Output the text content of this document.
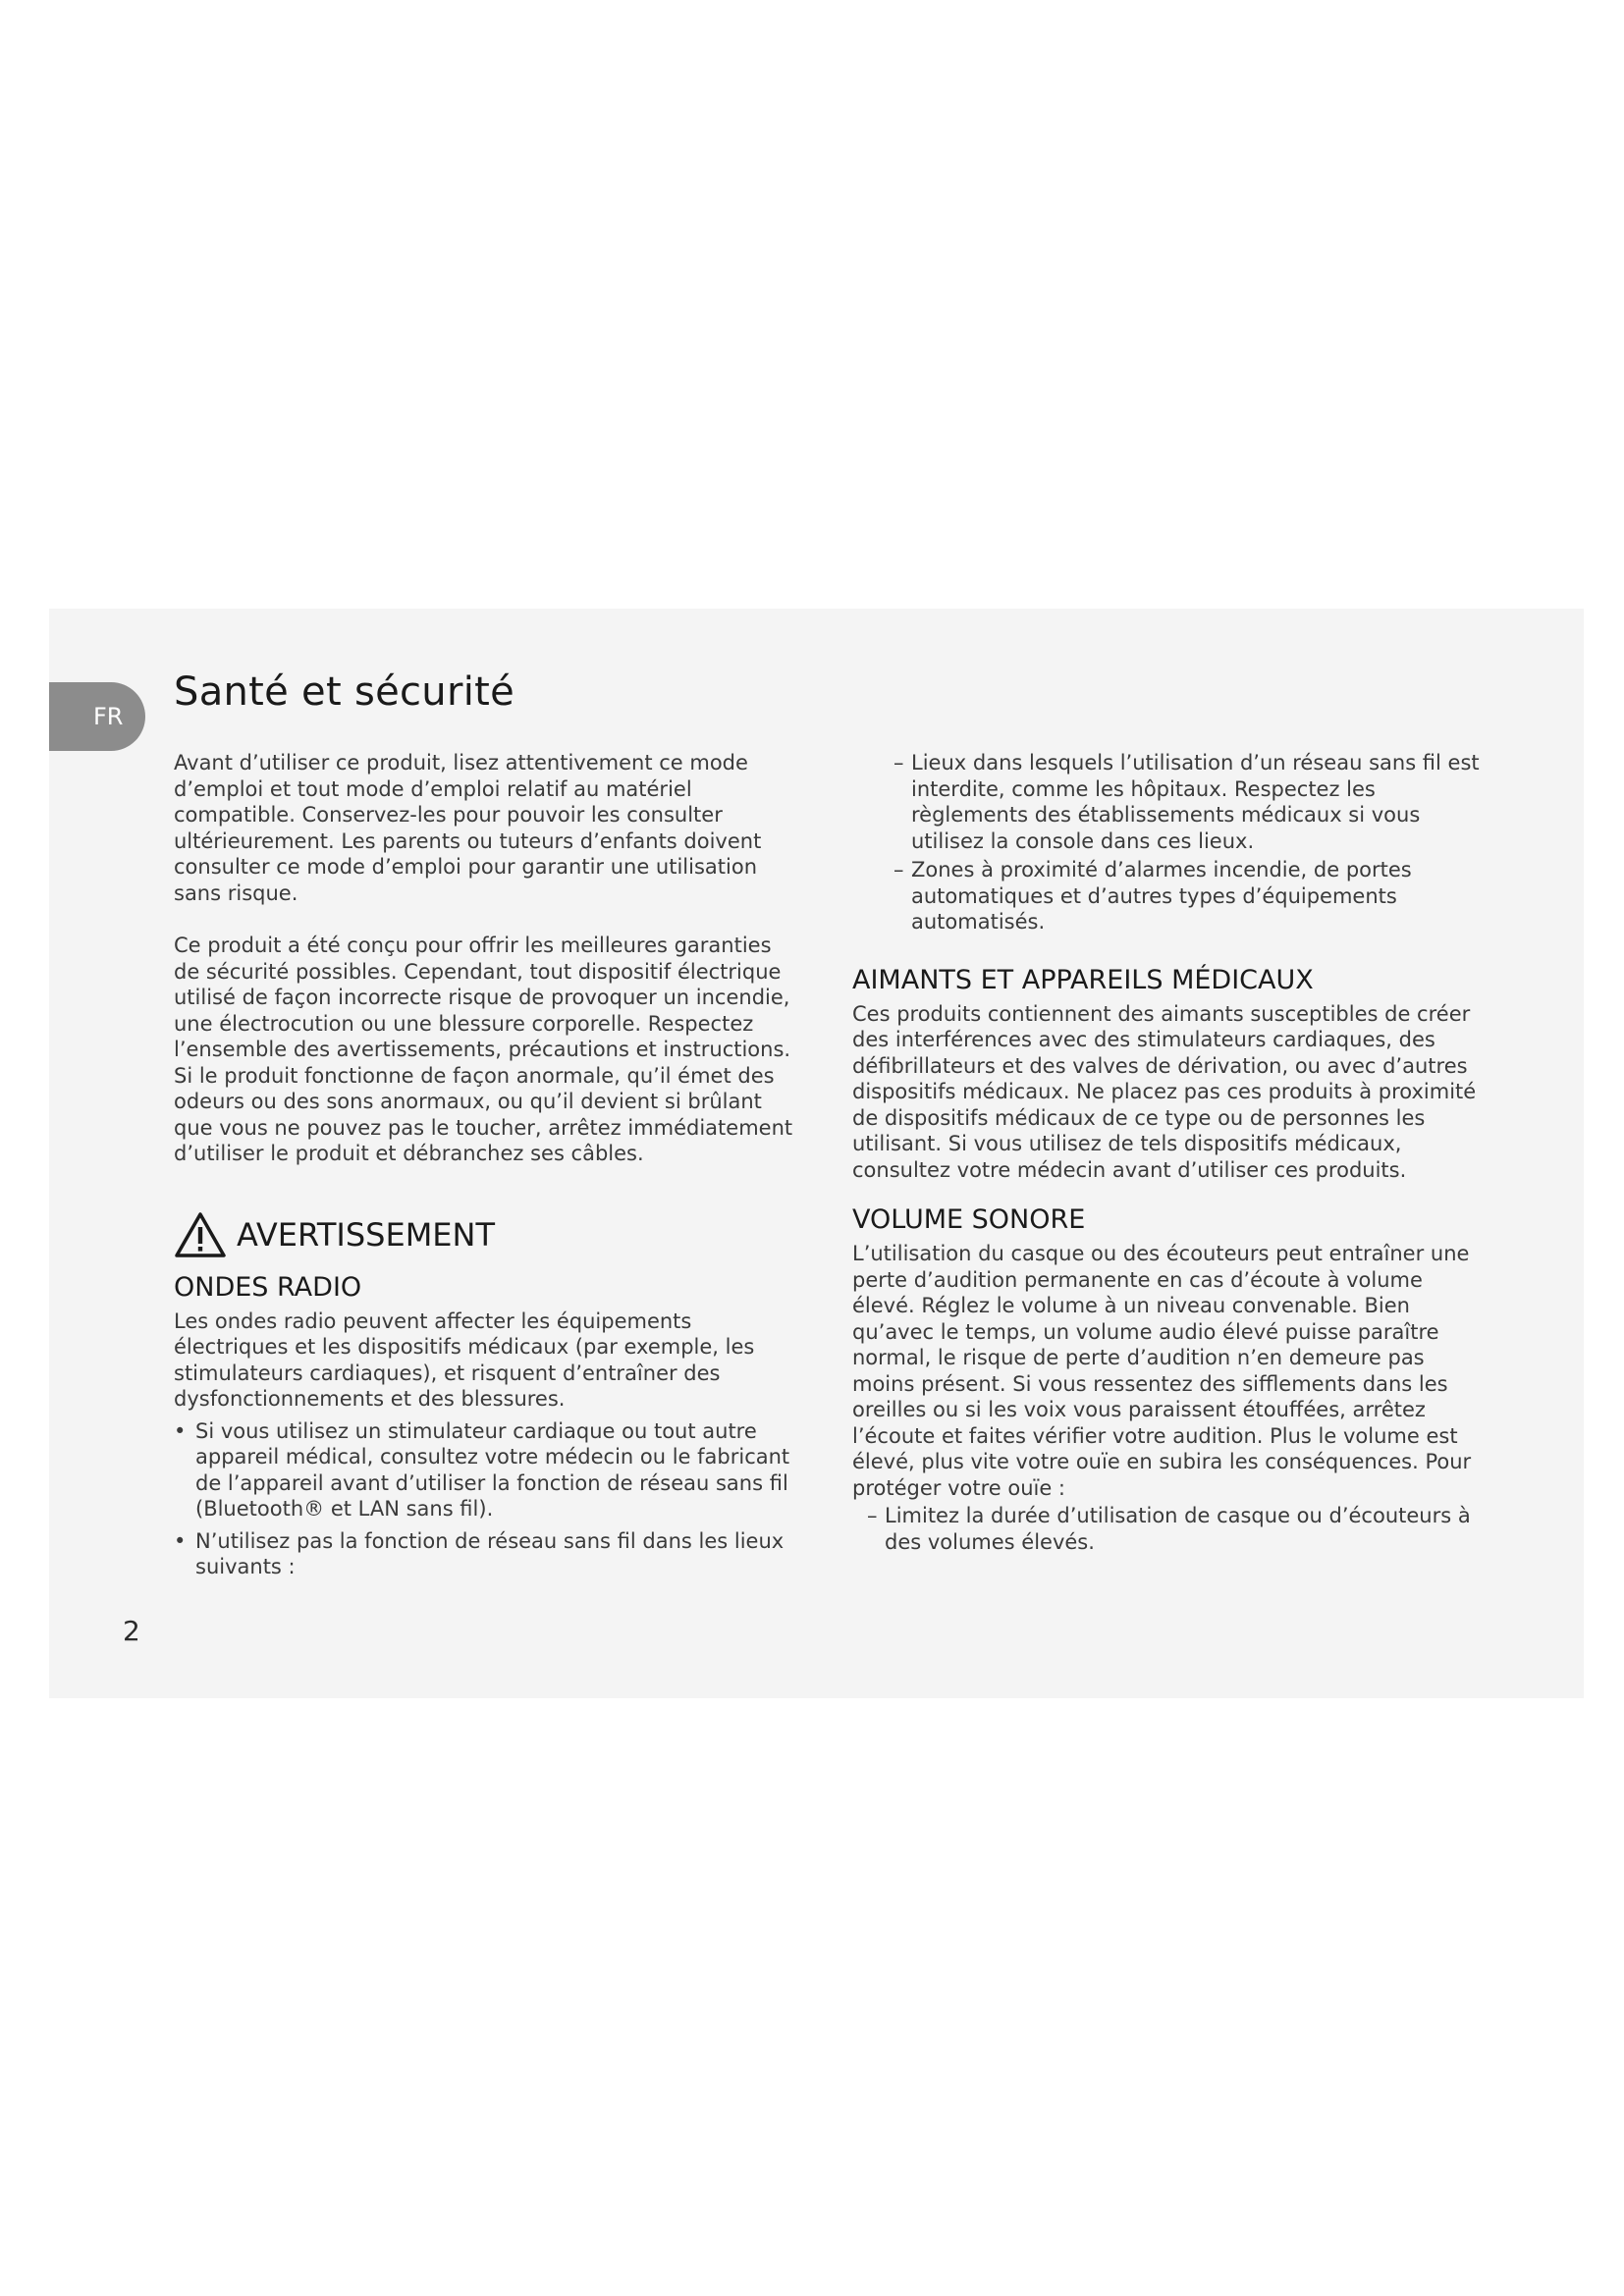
FR
Santé et sécurité

Avant d’utiliser ce produit, lisez attentivement ce mode d’emploi et tout mode d’emploi relatif au matériel compatible. Conservez-les pour pouvoir les consulter ultérieurement. Les parents ou tuteurs d’enfants doivent consulter ce mode d’emploi pour garantir une utilisation sans risque.

Ce produit a été conçu pour offrir les meilleures garanties de sécurité possibles. Cependant, tout dispositif électrique utilisé de façon incorrecte risque de provoquer un incendie, une électrocution ou une blessure corporelle. Respectez l’ensemble des avertissements, précautions et instructions. Si le produit fonctionne de façon anormale, qu’il émet des odeurs ou des sons anormaux, ou qu’il devient si brûlant que vous ne pouvez pas le toucher, arrêtez immédiatement d’utiliser le produit et débranchez ses câbles.

AVERTISSEMENT
ONDES RADIO

Les ondes radio peuvent affecter les équipements électriques et les dispositifs médicaux (par exemple, les stimulateurs cardiaques), et risquent d’entraîner des dysfonctionnements et des blessures.

• Si vous utilisez un stimulateur cardiaque ou tout autre appareil médical, consultez votre médecin ou le fabricant de l’appareil avant d’utiliser la fonction de réseau sans fil (Bluetooth® et LAN sans fil).
• N’utilisez pas la fonction de réseau sans fil dans les lieux suivants :
– Lieux dans lesquels l’utilisation d’un réseau sans fil est interdite, comme les hôpitaux. Respectez les règlements des établissements médicaux si vous utilisez la console dans ces lieux.
– Zones à proximité d’alarmes incendie, de portes automatiques et d’autres types d’équipements automatisés.
AIMANTS ET APPAREILS MÉDICAUX

Ces produits contiennent des aimants susceptibles de créer des interférences avec des stimulateurs cardiaques, des défibrillateurs et des valves de dérivation, ou avec d’autres dispositifs médicaux. Ne placez pas ces produits à proximité de dispositifs médicaux de ce type ou de personnes les utilisant. Si vous utilisez de tels dispositifs médicaux, consultez votre médecin avant d’utiliser ces produits.

VOLUME SONORE

L’utilisation du casque ou des écouteurs peut entraîner une perte d’audition permanente en cas d’écoute à volume élevé. Réglez le volume à un niveau convenable. Bien qu’avec le temps, un volume audio élevé puisse paraître normal, le risque de perte d’audition n’en demeure pas moins présent. Si vous ressentez des sifflements dans les oreilles ou si les voix vous paraissent étouffées, arrêtez l’écoute et faites vérifier votre audition. Plus le volume est élevé, plus vite votre ouïe en subira les conséquences. Pour protéger votre ouïe :

– Limitez la durée d’utilisation de casque ou d’écouteurs à des volumes élevés.
2
